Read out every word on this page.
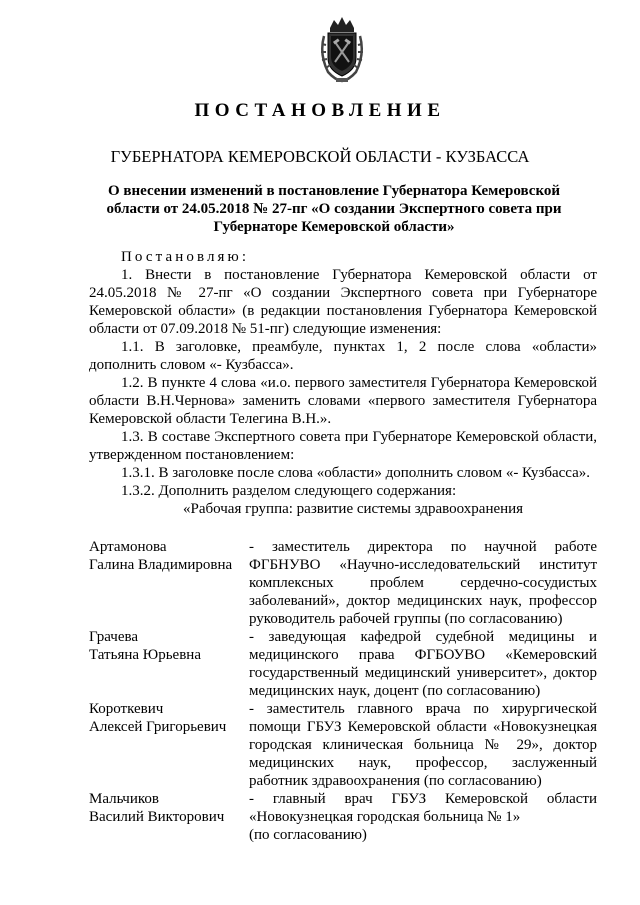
ПОСТАНОВЛЕНИЕ
ГУБЕРНАТОРА КЕМЕРОВСКОЙ ОБЛАСТИ - КУЗБАССА
О внесении изменений в постановление Губернатора Кемеровской области от 24.05.2018 № 27-пг «О создании Экспертного совета при Губернаторе Кемеровской области»

Постановляю:

1. Внести в постановление Губернатора Кемеровской области от 24.05.2018 № 27-пг «О создании Экспертного совета при Губернаторе Кемеровской области» (в редакции постановления Губернатора Кемеровской области от 07.09.2018 № 51-пг) следующие изменения:

1.1. В заголовке, преамбуле, пунктах 1, 2 после слова «области» дополнить словом «- Кузбасса».

1.2. В пункте 4 слова «и.о. первого заместителя Губернатора Кемеровской области В.Н.Чернова» заменить словами «первого заместителя Губернатора Кемеровской области Телегина В.Н.».

1.3. В составе Экспертного совета при Губернаторе Кемеровской области, утвержденном постановлением:

1.3.1. В заголовке после слова «области» дополнить словом «- Кузбасса».

1.3.2. Дополнить разделом следующего содержания:

«Рабочая группа: развитие системы здравоохранения

Артамонова
Галина Владимировна
- заместитель директора по научной работе ФГБНУВО «Научно-исследовательский институт комплексных проблем сердечно-сосудистых заболеваний», доктор медицинских наук, профессор руководитель рабочей группы (по согласованию)
Грачева
Татьяна Юрьевна
- заведующая кафедрой судебной медицины и медицинского права ФГБОУВО «Кемеровский государственный медицинский университет», доктор медицинских наук, доцент (по согласованию)
Короткевич
Алексей Григорьевич
- заместитель главного врача по хирургической помощи ГБУЗ Кемеровской области «Новокузнецкая городская клиническая больница № 29», доктор медицинских наук, профессор, заслуженный работник здравоохранения (по согласованию)
Мальчиков
Василий Викторович
- главный врач ГБУЗ Кемеровской области «Новокузнецкая городская больница № 1»
(по согласованию)
